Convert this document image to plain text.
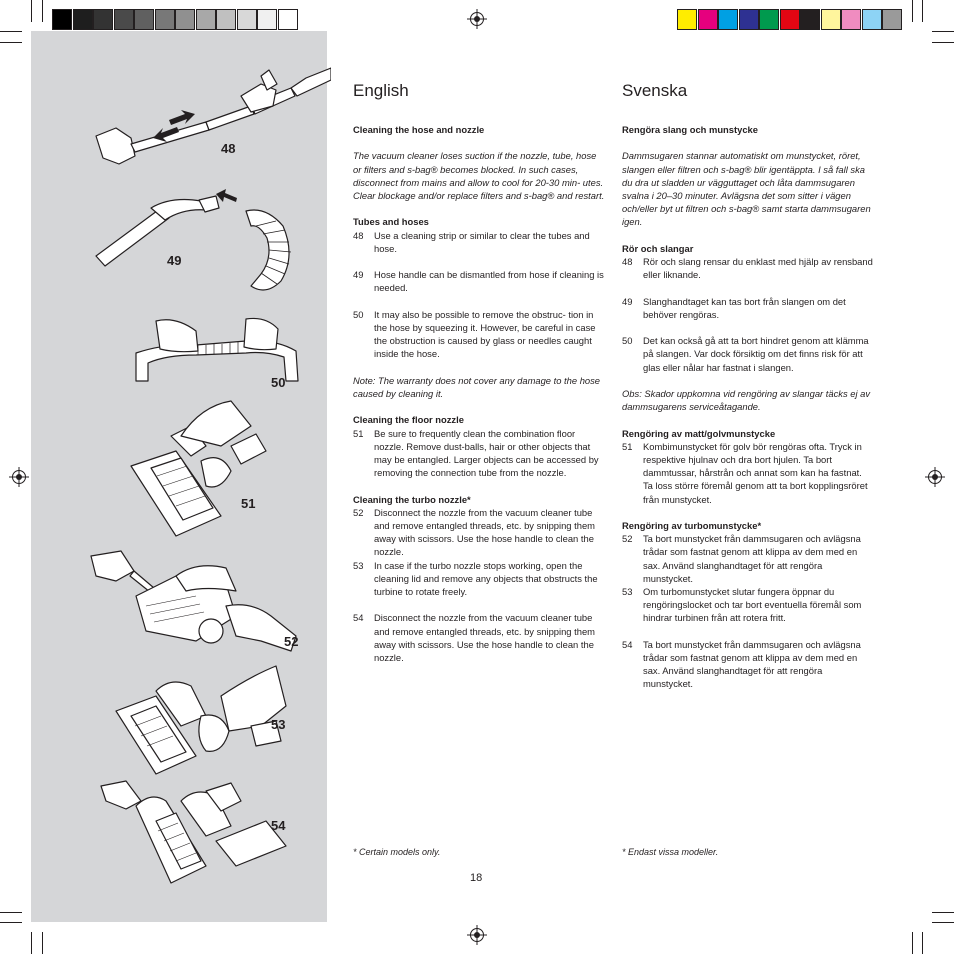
48
49
50
51
52
53
54
English

Cleaning the hose and nozzle

The vacuum cleaner loses suction if the nozzle, tube, hose or filters and s-bag® becomes blocked. In such cases, disconnect from mains and allow to cool for 20-30 min- utes. Clear blockage and/or replace filters and s-bag® and restart.

Tubes and hoses

48 Use a cleaning strip or similar to clear the tubes and hose.
49 Hose handle can be dismantled from hose if cleaning is needed.
50 It may also be possible to remove the obstruc- tion in the hose by squeezing it. However, be careful in case the obstruction is caused by glass or needles caught inside the hose.

Note: The warranty does not cover any damage to the hose caused by cleaning it.

Cleaning the floor nozzle

51 Be sure to frequently clean the combination floor nozzle. Remove dust-balls, hair or other objects that may be entangled. Larger objects can be accessed by removing the connection tube from the nozzle.

Cleaning the turbo nozzle*

52 Disconnect the nozzle from the vacuum cleaner tube and remove entangled threads, etc. by snipping them away with scissors. Use the hose handle to clean the nozzle.
53 In case if the turbo nozzle stops working, open the cleaning lid and remove any objects that obstructs the turbine to rotate freely.
54 Disconnect the nozzle from the vacuum cleaner tube and remove entangled threads, etc. by snipping them away with scissors. Use the hose handle to clean the nozzle.
* Certain models only.
Svenska

Rengöra slang och munstycke

Dammsugaren stannar automatiskt om munstycket, röret, slangen eller filtren och s-bag® blir igentäppta. I så fall ska du dra ut sladden ur vägguttaget och låta dammsugaren svalna i 20–30 minuter. Avlägsna det som sitter i vägen och/eller byt ut filtren och s-bag® samt starta dammsugaren igen.

Rör och slangar

48 Rör och slang rensar du enklast med hjälp av rensband eller liknande.
49 Slanghandtaget kan tas bort från slangen om det behöver rengöras.
50 Det kan också gå att ta bort hindret genom att klämma på slangen. Var dock försiktig om det finns risk för att glas eller nålar har fastnat i slangen.

Obs: Skador uppkomna vid rengöring av slangar täcks ej av dammsugarens serviceåtagande.

Rengöring av matt/golvmunstycke

51 Kombimunstycket för golv bör rengöras ofta. Tryck in respektive hjulnav och dra bort hjulen. Ta bort dammtussar, hårstrån och annat som kan ha fastnat. Ta loss större föremål genom att ta bort kopplingsröret från munstycket.

Rengöring av turbomunstycke*

52 Ta bort munstycket från dammsugaren och avlägsna trådar som fastnat genom att klippa av dem med en sax. Använd slanghandtaget för att rengöra munstycket.
53 Om turbomunstycket slutar fungera öppnar du rengöringslocket och tar bort eventuella föremål som hindrar turbinen från att rotera fritt.
54 Ta bort munstycket från dammsugaren och avlägsna trådar som fastnat genom att klippa av dem med en sax. Använd slanghandtaget för att rengöra munstycket.
* Endast vissa modeller.
18
